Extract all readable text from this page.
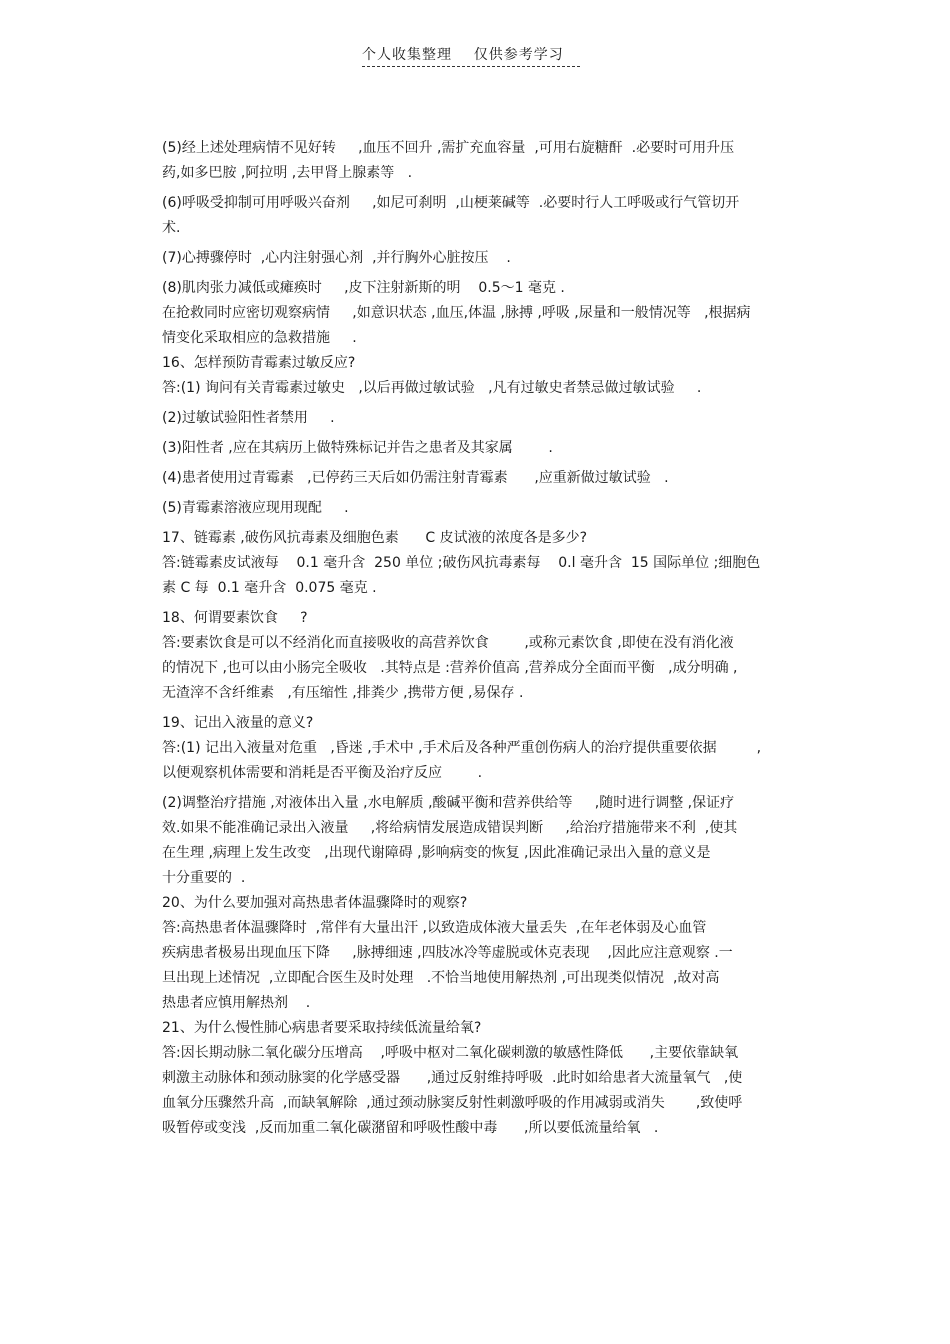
个人收集整理    仅供参考学习
(5)经上述处理病情不见好转     ,血压不回升 ,需扩充血容量  ,可用右旋糖酐  .必要时可用升压
药,如多巴胺 ,阿拉明 ,去甲肾上腺素等   .
(6)呼吸受抑制可用呼吸兴奋剂     ,如尼可刹明  ,山梗莱碱等  .必要时行人工呼吸或行气管切开
术.
(7)心搏骤停时  ,心内注射强心剂  ,并行胸外心脏按压    .
(8)肌肉张力减低或瘫痪时     ,皮下注射新斯的明    0.5～1 毫克 .
在抢救同时应密切观察病情     ,如意识状态 ,血压,体温 ,脉搏 ,呼吸 ,尿量和一般情况等   ,根据病
情变化采取相应的急救措施     .
16、怎样预防青霉素过敏反应?
答:(1) 询问有关青霉素过敏史   ,以后再做过敏试验   ,凡有过敏史者禁忌做过敏试验     .
(2)过敏试验阳性者禁用     .
(3)阳性者 ,应在其病历上做特殊标记并告之患者及其家属        .
(4)患者使用过青霉素   ,已停药三天后如仍需注射青霉素      ,应重新做过敏试验   .
(5)青霉素溶液应现用现配     .
17、链霉素 ,破伤风抗毒素及细胞色素      C 皮试液的浓度各是多少?
答:链霉素皮试液每    0.1 毫升含  250 单位 ;破伤风抗毒素每    0.l 毫升含  15 国际单位 ;细胞色
素 C 每  0.1 毫升含  0.075 毫克 .
18、何谓要素饮食     ?
答:要素饮食是可以不经消化而直接吸收的高营养饮食        ,或称元素饮食 ,即使在没有消化液
的情况下 ,也可以由小肠完全吸收   .其特点是 :营养价值高 ,营养成分全面而平衡   ,成分明确 ,
无渣滓不含纤维素   ,有压缩性 ,排粪少 ,携带方便 ,易保存 .
19、记出入液量的意义?
答:(1) 记出入液量对危重   ,昏迷 ,手术中 ,手术后及各种严重创伤病人的治疗提供重要依据         ,
以便观察机体需要和消耗是否平衡及治疗反应        .
(2)调整治疗措施 ,对液体出入量 ,水电解质 ,酸碱平衡和营养供给等     ,随时进行调整 ,保证疗
效.如果不能准确记录出入液量     ,将给病情发展造成错误判断     ,给治疗措施带来不利  ,使其
在生理 ,病理上发生改变   ,出现代谢障碍 ,影响病变的恢复 ,因此准确记录出入量的意义是
十分重要的  .
20、为什么要加强对高热患者体温骤降时的观察?
答:高热患者体温骤降时  ,常伴有大量出汗 ,以致造成体液大量丢失  ,在年老体弱及心血管
疾病患者极易出现血压下降     ,脉搏细速 ,四肢冰冷等虚脱或休克表现    ,因此应注意观察 .一
旦出现上述情况  ,立即配合医生及时处理   .不恰当地使用解热剂 ,可出现类似情况  ,故对高
热患者应慎用解热剂    .
21、为什么慢性肺心病患者要采取持续低流量给氧?
答:因长期动脉二氧化碳分压增高    ,呼吸中枢对二氧化碳刺激的敏感性降低      ,主要依靠缺氧
刺激主动脉体和颈动脉窦的化学感受器      ,通过反射维持呼吸  .此时如给患者大流量氧气   ,使
血氧分压骤然升高  ,而缺氧解除  ,通过颈动脉窦反射性刺激呼吸的作用减弱或消失       ,致使呼
吸暂停或变浅  ,反而加重二氧化碳潴留和呼吸性酸中毒      ,所以要低流量给氧   .
